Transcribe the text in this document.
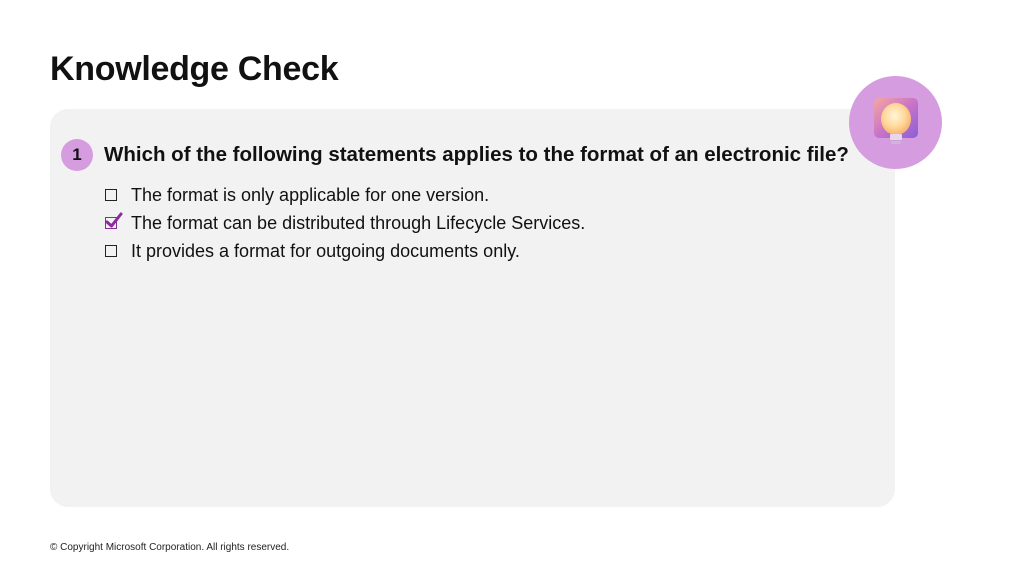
Knowledge Check
1	Which of the following statements applies to the format of an electronic file?
The format is only applicable for one version.
The format can be distributed through Lifecycle Services.
It provides a format for outgoing documents only.
© Copyright Microsoft Corporation. All rights reserved.
